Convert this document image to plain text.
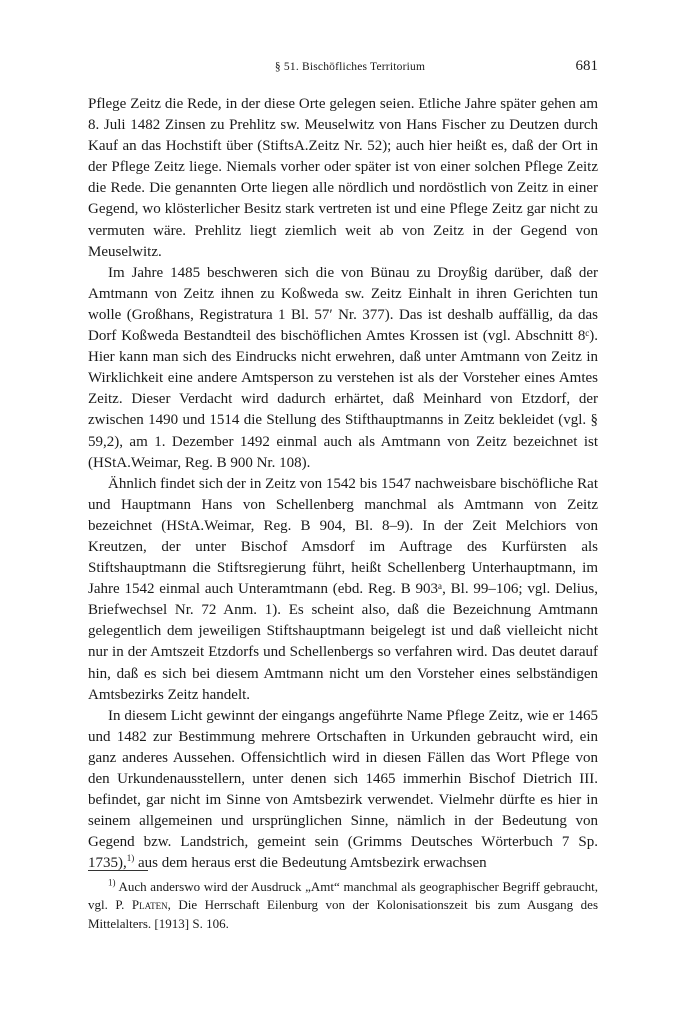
§ 51. Bischöfliches Territorium	681

Pflege Zeitz die Rede, in der diese Orte gelegen seien. Etliche Jahre später gehen am 8. Juli 1482 Zinsen zu Prehlitz sw. Meuselwitz von Hans Fischer zu Deutzen durch Kauf an das Hochstift über (StiftsA.Zeitz Nr. 52); auch hier heißt es, daß der Ort in der Pflege Zeitz liege. Niemals vorher oder später ist von einer solchen Pflege Zeitz die Rede. Die genannten Orte liegen alle nördlich und nordöstlich von Zeitz in einer Gegend, wo klösterlicher Besitz stark vertreten ist und eine Pflege Zeitz gar nicht zu vermuten wäre. Prehlitz liegt ziemlich weit ab von Zeitz in der Gegend von Meuselwitz.

Im Jahre 1485 beschweren sich die von Bünau zu Droyßig darüber, daß der Amtmann von Zeitz ihnen zu Koßweda sw. Zeitz Einhalt in ihren Gerichten tun wolle (Großhans, Registratura 1 Bl. 57′ Nr. 377). Das ist deshalb auffällig, da das Dorf Koßweda Bestandteil des bischöflichen Amtes Krossen ist (vgl. Abschnitt 8ᶜ). Hier kann man sich des Eindrucks nicht erwehren, daß unter Amtmann von Zeitz in Wirklichkeit eine andere Amtsperson zu verstehen ist als der Vorsteher eines Amtes Zeitz. Dieser Verdacht wird dadurch erhärtet, daß Meinhard von Etzdorf, der zwischen 1490 und 1514 die Stellung des Stifthauptmanns in Zeitz bekleidet (vgl. § 59,2), am 1. Dezember 1492 einmal auch als Amtmann von Zeitz bezeichnet ist (HStA.Weimar, Reg. B 900 Nr. 108).

Ähnlich findet sich der in Zeitz von 1542 bis 1547 nachweisbare bischöfliche Rat und Hauptmann Hans von Schellenberg manchmal als Amtmann von Zeitz bezeichnet (HStA.Weimar, Reg. B 904, Bl. 8–9). In der Zeit Melchiors von Kreutzen, der unter Bischof Amsdorf im Auftrage des Kurfürsten als Stiftshauptmann die Stiftsregierung führt, heißt Schellenberg Unterhauptmann, im Jahre 1542 einmal auch Unteramtmann (ebd. Reg. B 903ᵃ, Bl. 99–106; vgl. Delius, Briefwechsel Nr. 72 Anm. 1). Es scheint also, daß die Bezeichnung Amtmann gelegentlich dem jeweiligen Stiftshauptmann beigelegt ist und daß vielleicht nicht nur in der Amtszeit Etzdorfs und Schellenbergs so verfahren wird. Das deutet darauf hin, daß es sich bei diesem Amtmann nicht um den Vorsteher eines selbständigen Amtsbezirks Zeitz handelt.

In diesem Licht gewinnt der eingangs angeführte Name Pflege Zeitz, wie er 1465 und 1482 zur Bestimmung mehrere Ortschaften in Urkunden gebraucht wird, ein ganz anderes Aussehen. Offensichtlich wird in diesen Fällen das Wort Pflege von den Urkundenausstellern, unter denen sich 1465 immerhin Bischof Dietrich III. befindet, gar nicht im Sinne von Amtsbezirk verwendet. Vielmehr dürfte es hier in seinem allgemeinen und ursprünglichen Sinne, nämlich in der Bedeutung von Gegend bzw. Landstrich, gemeint sein (Grimms Deutsches Wörterbuch 7 Sp. 1735),$^{1)}$ aus dem heraus erst die Bedeutung Amtsbezirk erwachsen

$^{1)}$ Auch anderswo wird der Ausdruck „Amt“ manchmal als geographischer Begriff gebraucht, vgl. P. Platen, Die Herrschaft Eilenburg von der Kolonisationszeit bis zum Ausgang des Mittelalters. [1913] S. 106.
